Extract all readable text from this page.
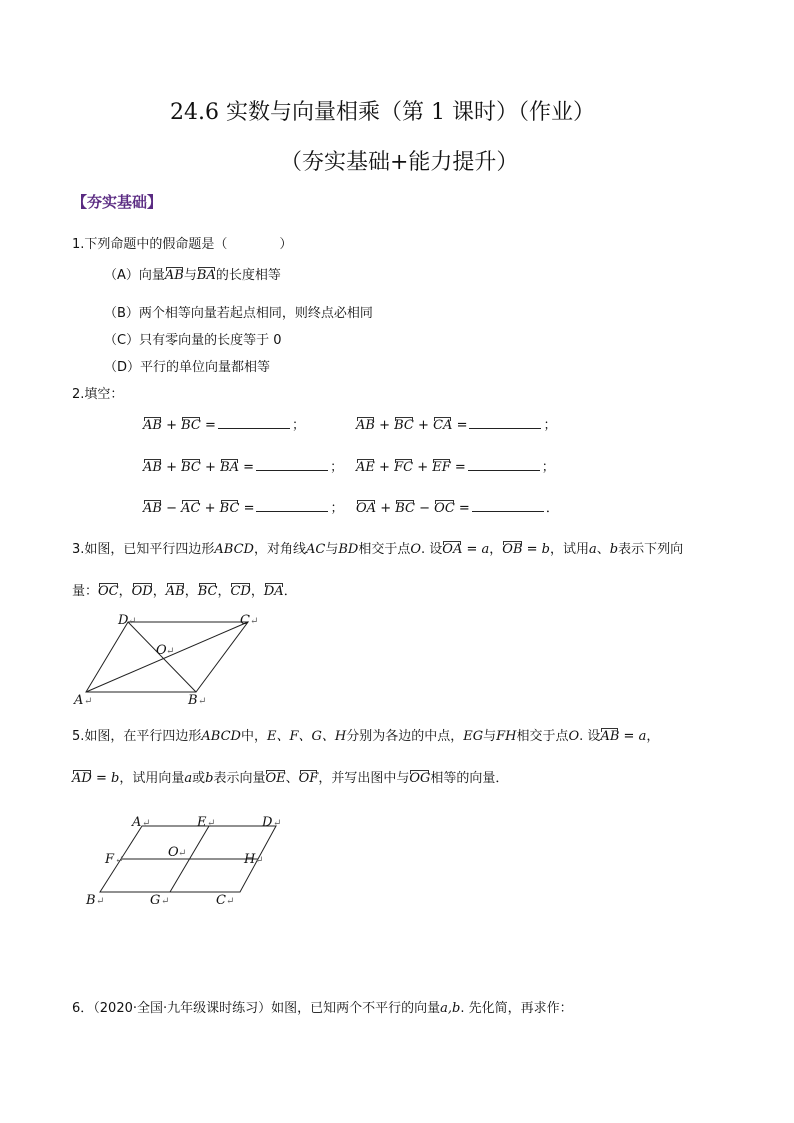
24.6 实数与向量相乘（第 1 课时）（作业）
（夯实基础+能力提升）
【夯实基础】
1.下列命题中的假命题是（　　　　）
（A）向量AB与BA的长度相等
（B）两个相等向量若起点相同，则终点必相同
（C）只有零向量的长度等于 0
（D）平行的单位向量都相等
2.填空：
AB + BC =	；	AB + BC + CA =	；
AB + BC + BA =	； AE + FC + EF =	；
AB − AC + BC =	； OA + BC − OC =	．
3.如图，已知平行四边形ABCD，对角线AC与BD相交于点O. 设OA = a，OB = b，试用a、b表示下列向
量：OC，OD，AB，BC，CD，DA．
A	B
C
D
O
↵	↵
↵
↵
↵
5.如图，在平行四边形ABCD中，E、F、G、H分别为各边的中点，EG与FH相交于点O. 设AB = a，
AD = b，试用向量a或b表示向量OE、OF，并写出图中与OG相等的向量．
A	E	D
F	O	H
B	G	C
↵	↵	↵
↵
↵
↵
↵	↵	↵
6．（2020·全国·九年级课时练习）如图，已知两个不平行的向量a,b. 先化简，再求作：
